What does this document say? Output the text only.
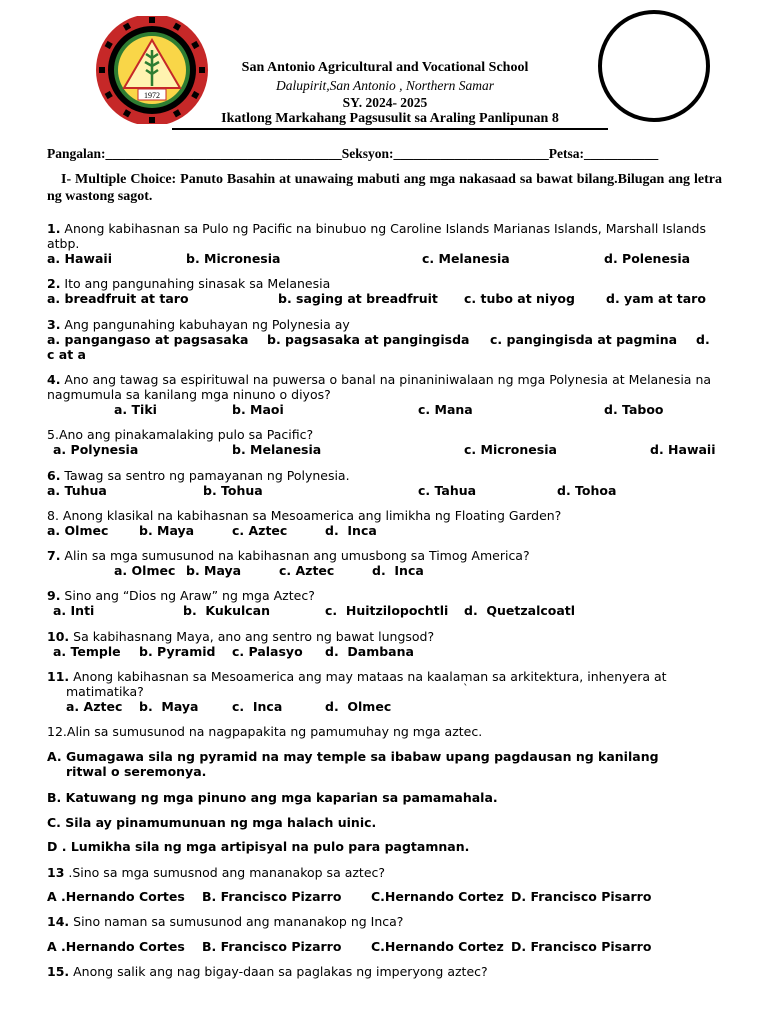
1972
San Antonio Agricultural and Vocational School
Dalupirit,San Antonio , Northern Samar
SY. 2024- 2025
Ikatlong Markahang Pagsusulit sa Araling Panlipunan 8
Pangalan:___________________________________Seksyon:_______________________Petsa:___________
I- Multiple Choice: Panuto Basahin at unawaing mabuti ang mga nakasaad sa bawat bilang.Bilugan ang letra ng wastong sagot.
1. Anong kabihasnan sa Pulo ng Pacific na binubuo ng Caroline Islands Marianas Islands, Marshall Islands atbp.
a. Hawaii	b. Micronesia	c. Melanesia	d. Polenesia
2. Ito ang pangunahing sinasak sa Melanesia
a. breadfruit at taro	b. saging at breadfruit c. tubo at niyog d. yam at taro
3. Ang pangunahing kabuhayan ng Polynesia ay
a. pangangaso at pagsasaka b. pagsasaka at pangingisda c. pangingisda at pagmina d.
c at a
4. Ano ang tawag sa espirituwal na puwersa o banal na pinaniniwalaan ng mga Polynesia at Melanesia na nagmumula sa kanilang mga ninuno o diyos?
a. Tiki	b. Maoi	c. Mana	d. Taboo
5.Ano ang pinakamalaking pulo sa Pacific?
a. Polynesia	b. Melanesia	c. Micronesia	d. Hawaii
6. Tawag sa sentro ng pamayanan ng Polynesia.
a. Tuhua	b. Tohua	c. Tahua	d. Tohoa
8. Anong klasikal na kabihasnan sa Mesoamerica ang limikha ng Floating Garden?
a. Olmec b. Maya	c. Aztec	d.  Inca
7. Alin sa mga sumusunod na kabihasnan ang umusbong sa Timog America?
a. Olmec b. Maya	c. Aztec	d.  Inca
9. Sino ang “Dios ng Araw” ng mga Aztec?
a. Inti	b.  Kukulcan	c.  Huitzilopochtli d.  Quetzalcoatl
10. Sa kabihasnang Maya, ano ang sentro ng bawat lungsod?
a. Temple b. Pyramid c. Palasyo d.  Dambana
11. Anong kabihasnan sa Mesoamerica ang may mataas na kaalaman sa arkitektura, inhenyera at
matimatika?	`
a. Aztec b.  Maya	c.  Inca	d.  Olmec
12.Alin sa sumusunod na nagpapakita ng pamumuhay ng mga aztec.
A. Gumagawa sila ng pyramid na may temple sa ibabaw upang pagdausan ng kanilang
ritwal o seremonya.
B. Katuwang ng mga pinuno ang mga kaparian sa pamamahala.
C. Sila ay pinamumunuan ng mga halach uinic.
D . Lumikha sila ng mga artipisyal na pulo para pagtamnan.
13 .Sino sa mga sumusnod ang mananakop sa aztec?
A .Hernando Cortes B. Francisco Pizarro C.Hernando Cortez D. Francisco Pisarro
14. Sino naman sa sumusunod ang mananakop ng Inca?
A .Hernando Cortes B. Francisco Pizarro C.Hernando Cortez D. Francisco Pisarro
15. Anong salik ang nag bigay-daan sa paglakas ng imperyong aztec?
